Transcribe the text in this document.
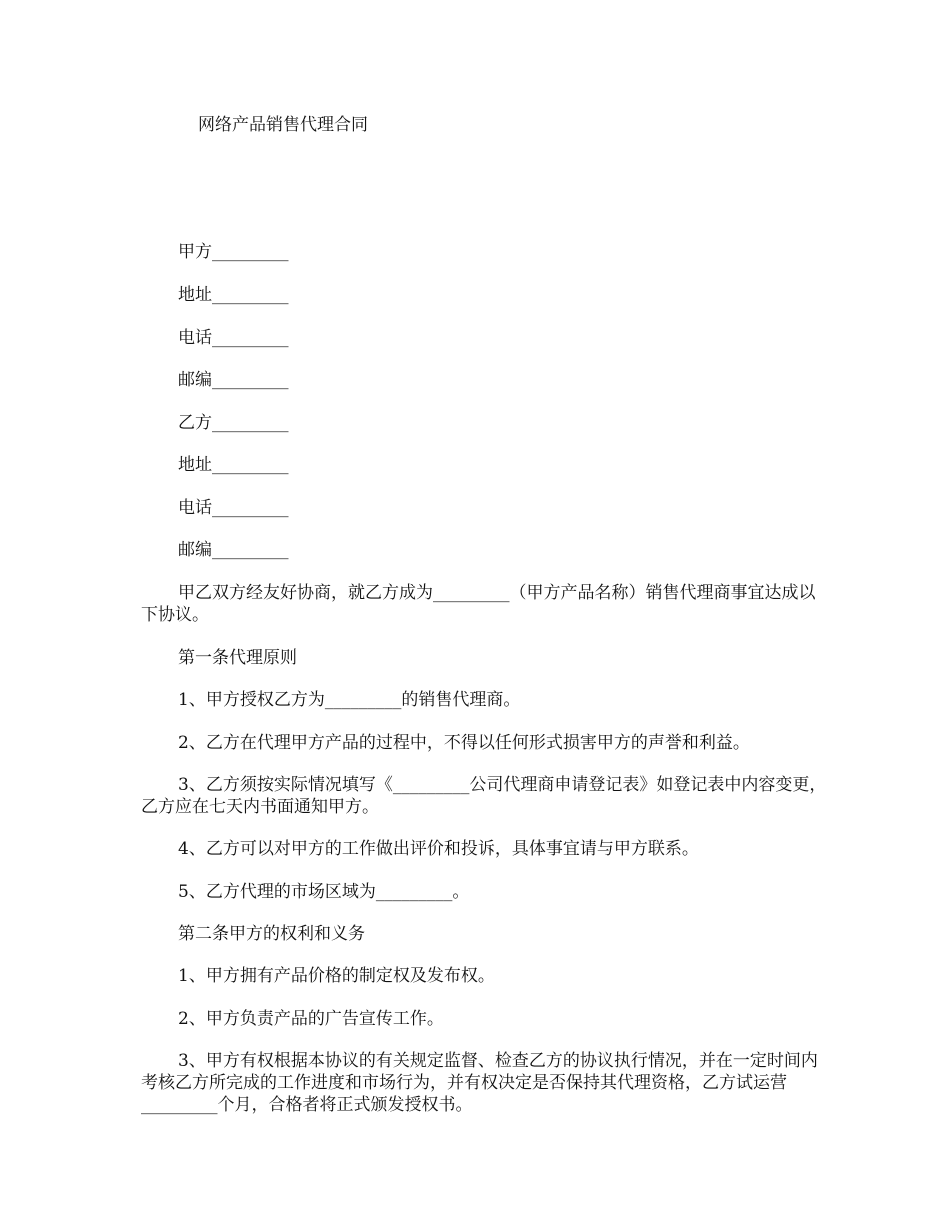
网络产品销售代理合同
甲方_________
地址_________
电话_________
邮编_________
乙方_________
地址_________
电话_________
邮编_________
甲乙双方经友好协商，就乙方成为_________（甲方产品名称）销售代理商事宜达成以下协议。
第一条代理原则
1、甲方授权乙方为_________的销售代理商。
2、乙方在代理甲方产品的过程中，不得以任何形式损害甲方的声誉和利益。
3、乙方须按实际情况填写《_________公司代理商申请登记表》如登记表中内容变更，乙方应在七天内书面通知甲方。
4、乙方可以对甲方的工作做出评价和投诉，具体事宜请与甲方联系。
5、乙方代理的市场区域为_________。
第二条甲方的权利和义务
1、甲方拥有产品价格的制定权及发布权。
2、甲方负责产品的广告宣传工作。
3、甲方有权根据本协议的有关规定监督、检查乙方的协议执行情况，并在一定时间内考核乙方所完成的工作进度和市场行为，并有权决定是否保持其代理资格，乙方试运营_________个月，合格者将正式颁发授权书。
